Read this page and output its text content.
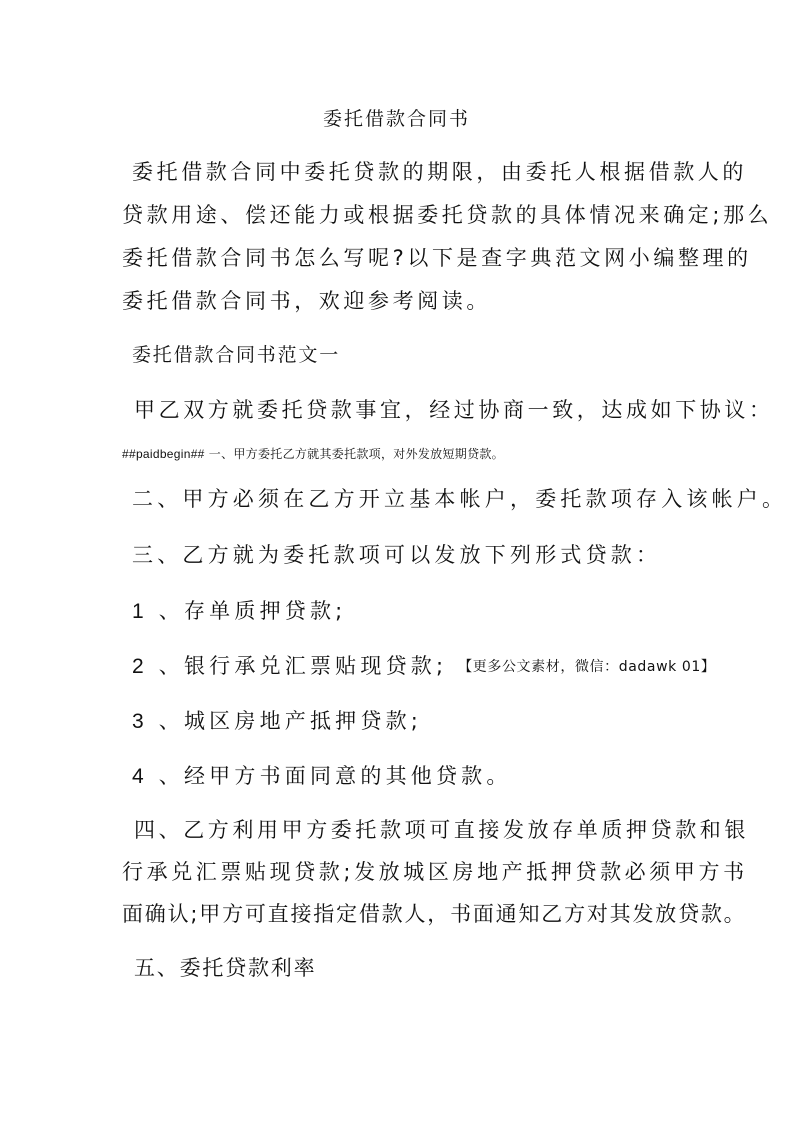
委托借款合同书
委托借款合同中委托贷款的期限，由委托人根据借款人的
贷款用途、偿还能力或根据委托贷款的具体情况来确定;那么
委托借款合同书怎么写呢?以下是查字典范文网小编整理的
委托借款合同书，欢迎参考阅读。
委托借款合同书范文一
甲乙双方就委托贷款事宜，经过协商一致，达成如下协议：
##paidbegin## 一、甲方委托乙方就其委托款项，对外发放短期贷款。
二、甲方必须在乙方开立基本帐户，委托款项存入该帐户。
三、乙方就为委托款项可以发放下列形式贷款：
1 、存单质押贷款;
2 、银行承兑汇票贴现贷款; 【更多公文素材，微信：dadawk 01】
3 、城区房地产抵押贷款;
4 、经甲方书面同意的其他贷款。
四、乙方利用甲方委托款项可直接发放存单质押贷款和银
行承兑汇票贴现贷款;发放城区房地产抵押贷款必须甲方书
面确认;甲方可直接指定借款人，书面通知乙方对其发放贷款。
五、委托贷款利率
